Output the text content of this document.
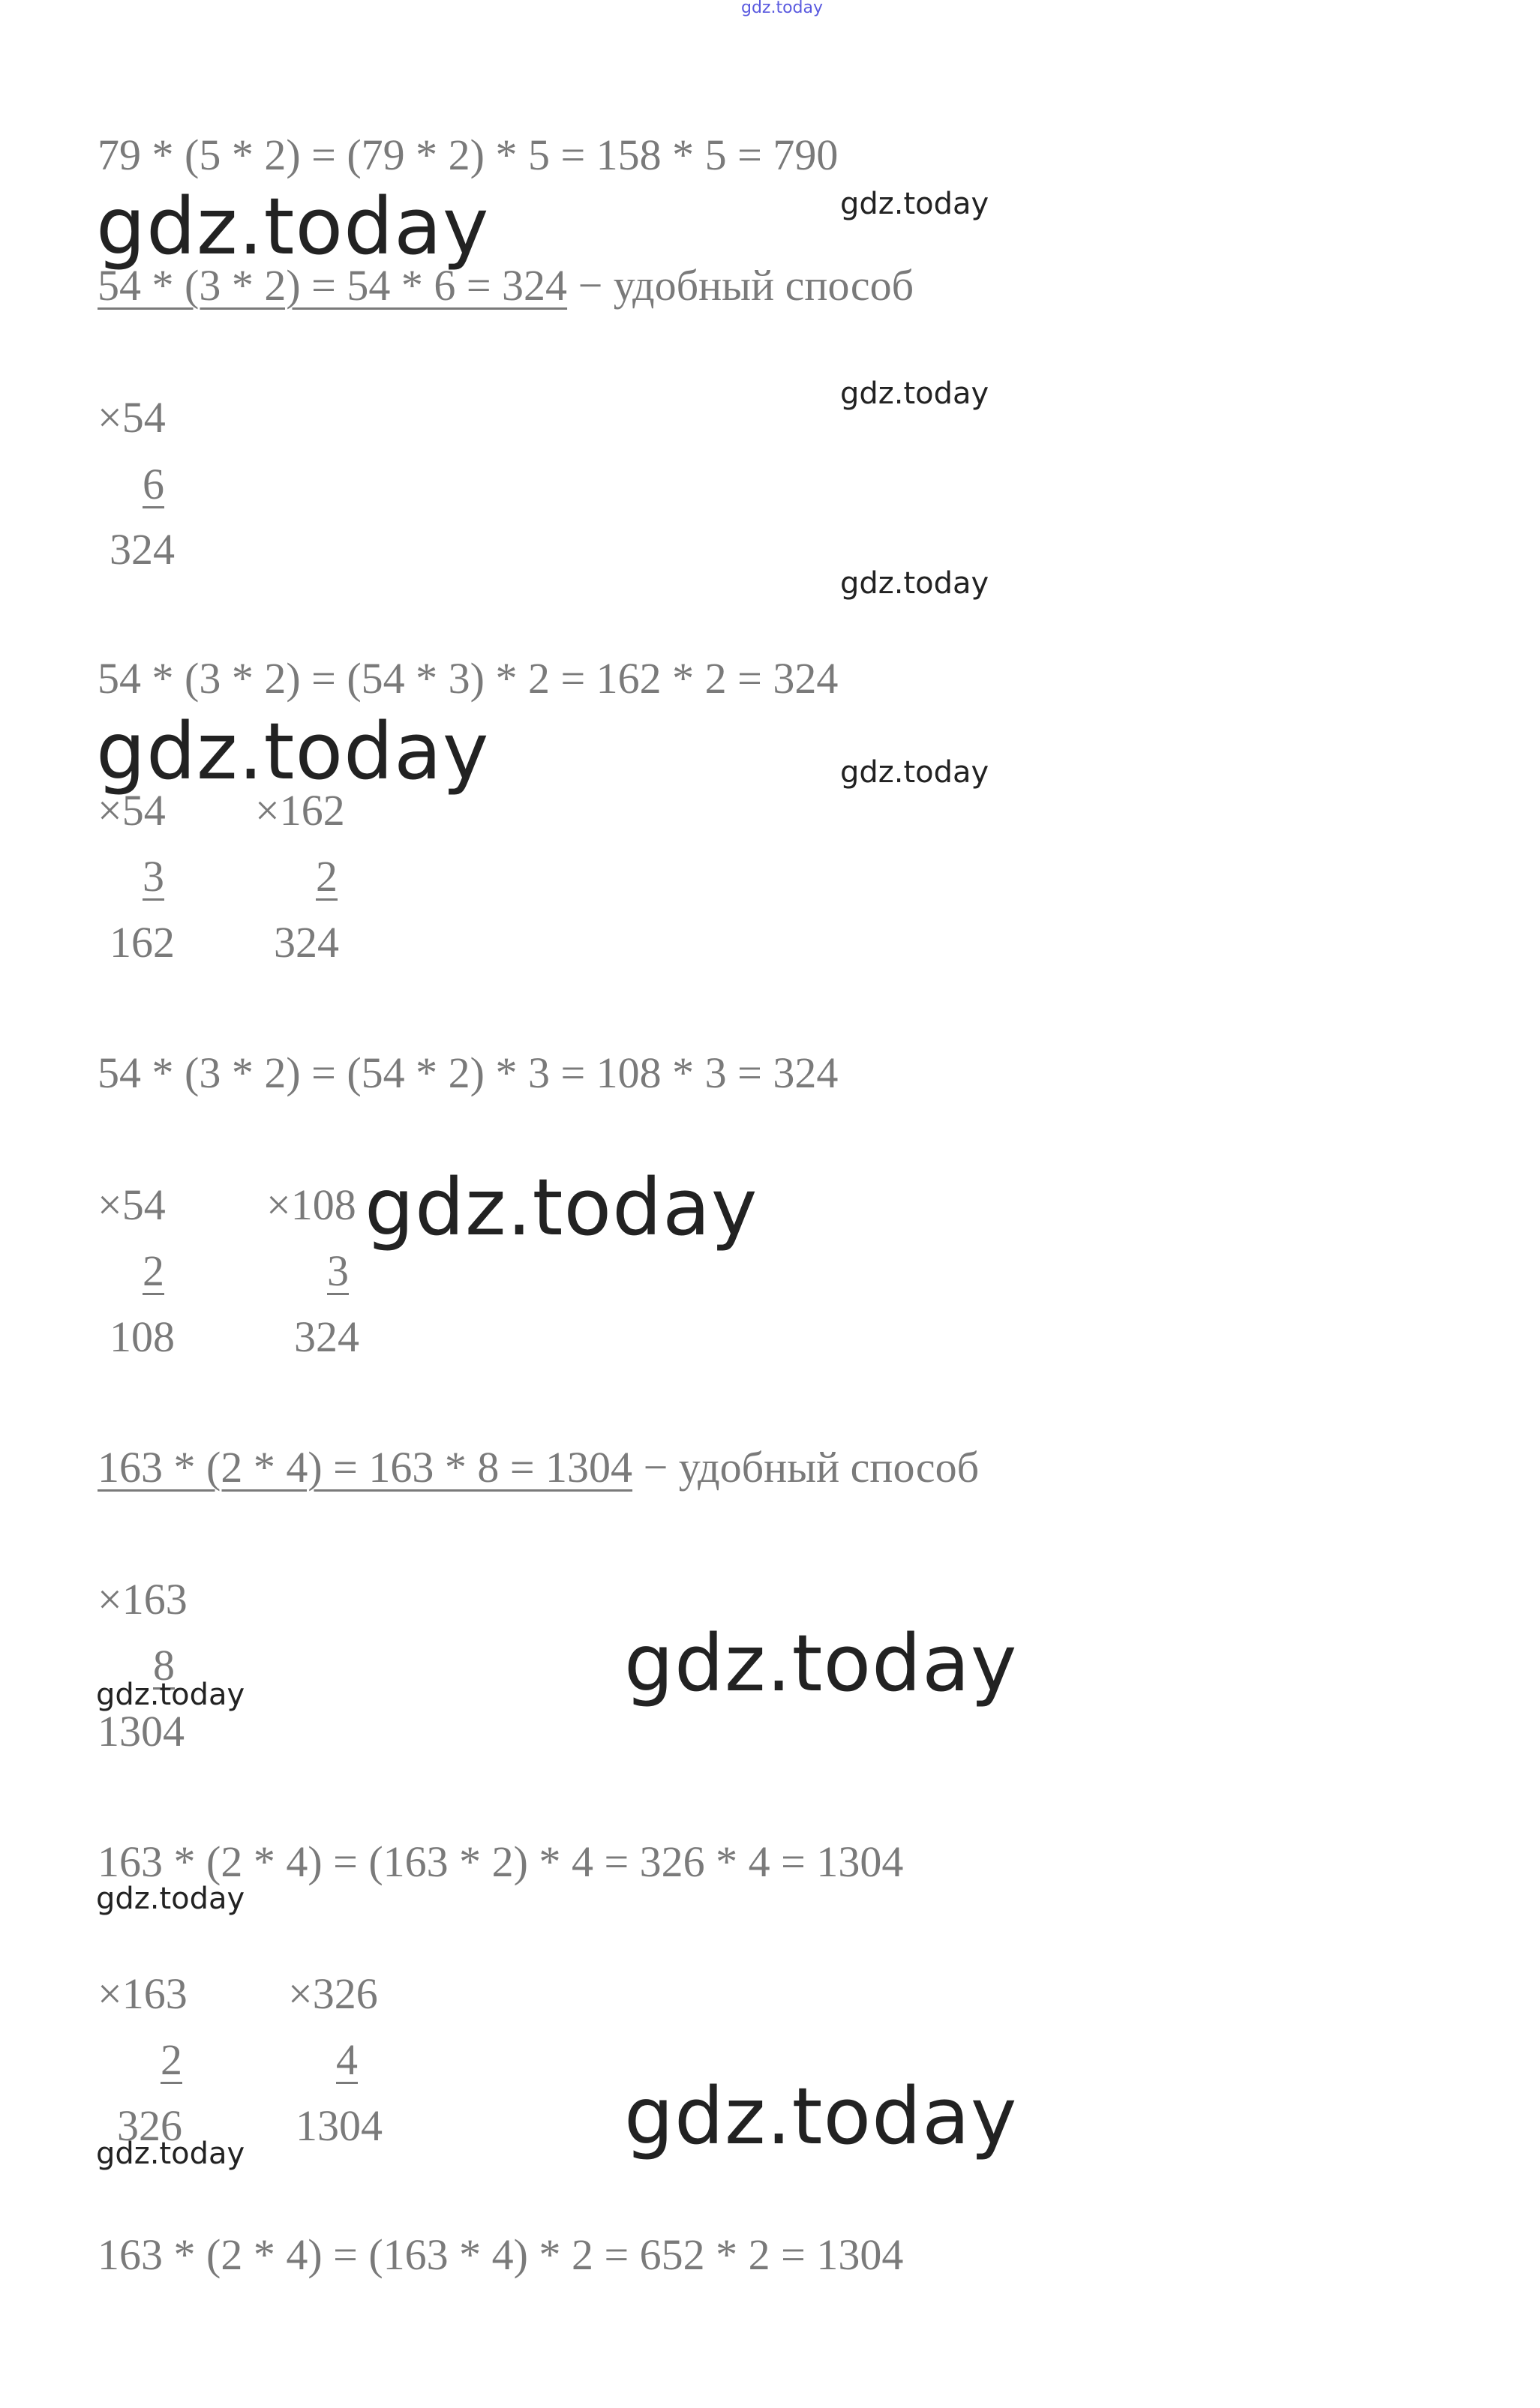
gdz.today
79 * (5 * 2) = (79 * 2) * 5 = 158 * 5 = 790
gdz.today
gdz.today
54 * (3 * 2) = 54 * 6 = 324 − удобный способ
gdz.today
×54
6
324
gdz.today
54 * (3 * 2) = (54 * 3) * 2 = 162 * 2 = 324
gdz.today	gdz.today
×54
3
162
×162
2
324
54 * (3 * 2) = (54 * 2) * 3 = 108 * 3 = 324
×54
2
108
×108 gdz.today
3
324
163 * (2 * 4) = 163 * 8 = 1304 − удобный способ
×163
gdz.today
8
gdz.today
1304
163 * (2 * 4) = (163 * 2) * 4 = 326 * 4 = 1304
gdz.today
×163
2
326
gdz.today
×326
4
1304	gdz.today
163 * (2 * 4) = (163 * 4) * 2 = 652 * 2 = 1304
